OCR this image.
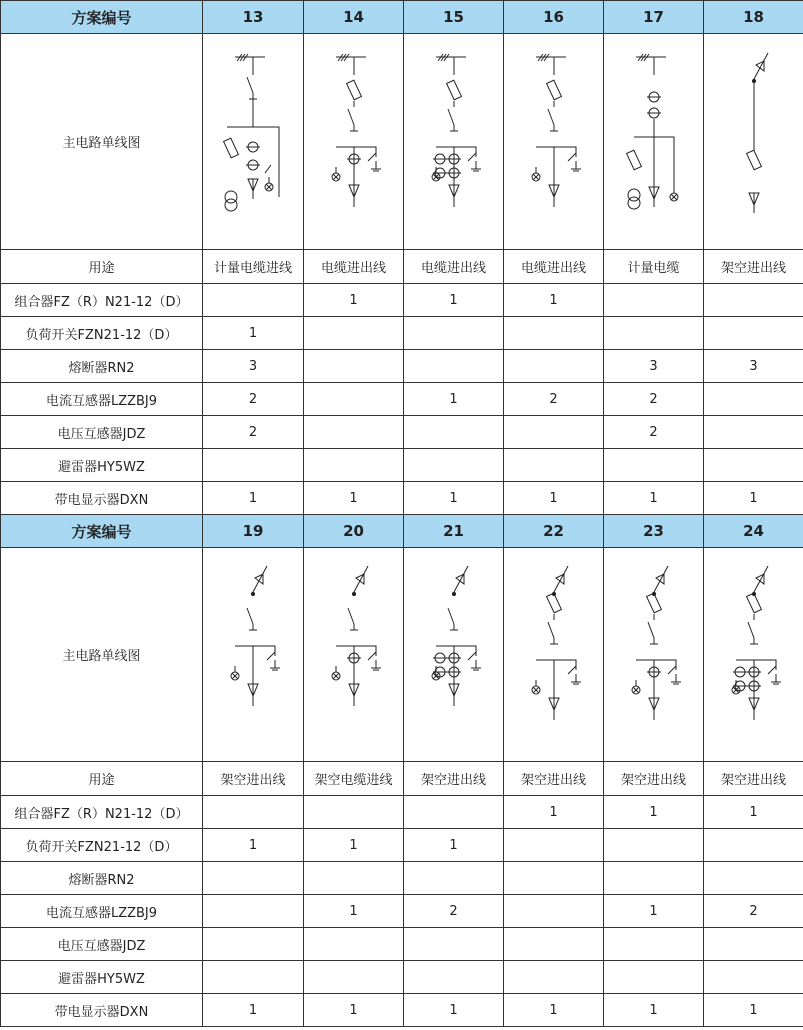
方案编号	13	14	15	16	17	18
主电路单线图	

用途	计量电缆进线	电缆进出线	电缆进出线	电缆进出线	计量电缆	架空进出线
组合器FZ（R）N21-12（D）		1	1	1		
负荷开关FZN21-12（D）	1					
熔断器RN2	3				3	3
电流互感器LZZBJ9	2		1	2	2	
电压互感器JDZ	2				2	
避雷器HY5WZ						
带电显示器DXN	1	1	1	1	1	1
方案编号	19	20	21	22	23	24
主电路单线图	

用途	架空进出线	架空电缆进线	架空进出线	架空进出线	架空进出线	架空进出线
组合器FZ（R）N21-12（D）				1	1	1
负荷开关FZN21-12（D）	1	1	1			
熔断器RN2						
电流互感器LZZBJ9		1	2		1	2
电压互感器JDZ						
避雷器HY5WZ						
带电显示器DXN	1	1	1	1	1	1
